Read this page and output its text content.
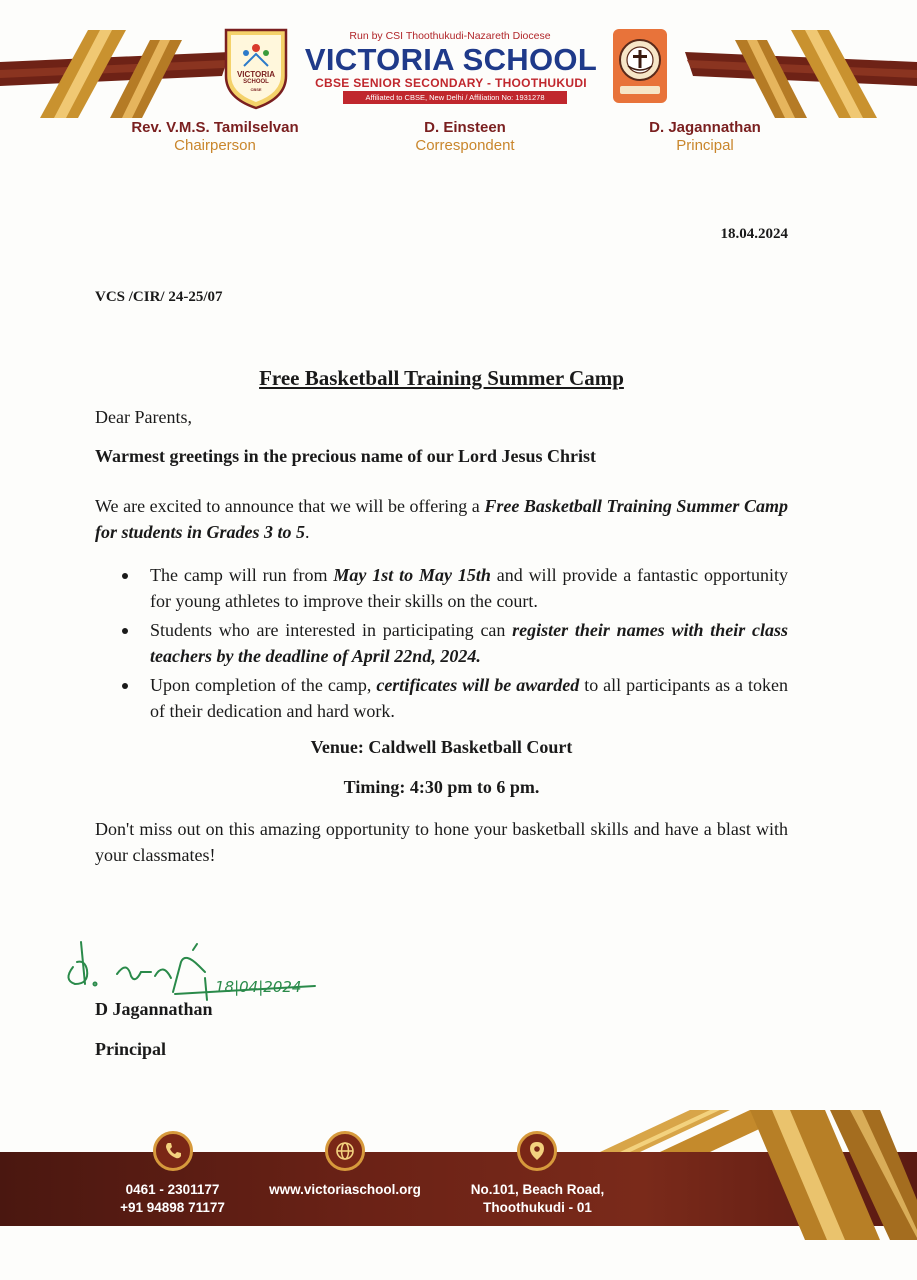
VICTORIA
SCHOOL
CBSE
Run by CSI Thoothukudi-Nazareth Diocese
VICTORIA SCHOOL
CBSE SENIOR SECONDARY - THOOTHUKUDI
Affiliated to CBSE, New Delhi / Affiliation No: 1931278
Rev. V.M.S. Tamilselvan
Chairperson
D. Einsteen
Correspondent
D. Jagannathan
Principal
18.04.2024
VCS /CIR/ 24-25/07
Free Basketball Training Summer Camp
Dear Parents,
Warmest greetings in the precious name of our Lord Jesus Christ
We are excited to announce that we will be offering a Free Basketball Training Summer Camp for students in Grades 3 to 5.
The camp will run from May 1st to May 15th and will provide a fantastic opportunity for young athletes to improve their skills on the court.
Students who are interested in participating can register their names with their class teachers by the deadline of April 22nd, 2024.
Upon completion of the camp, certificates will be awarded to all participants as a token of their dedication and hard work.
Venue: Caldwell Basketball Court
Timing: 4:30 pm to 6 pm.
Don't miss out on this amazing opportunity to hone your basketball skills and have a blast with your classmates!
18|04|2024
D Jagannathan
Principal
0461 - 2301177
+91 94898 71177
www.victoriaschool.org	No.101, Beach Road,
Thoothukudi - 01
